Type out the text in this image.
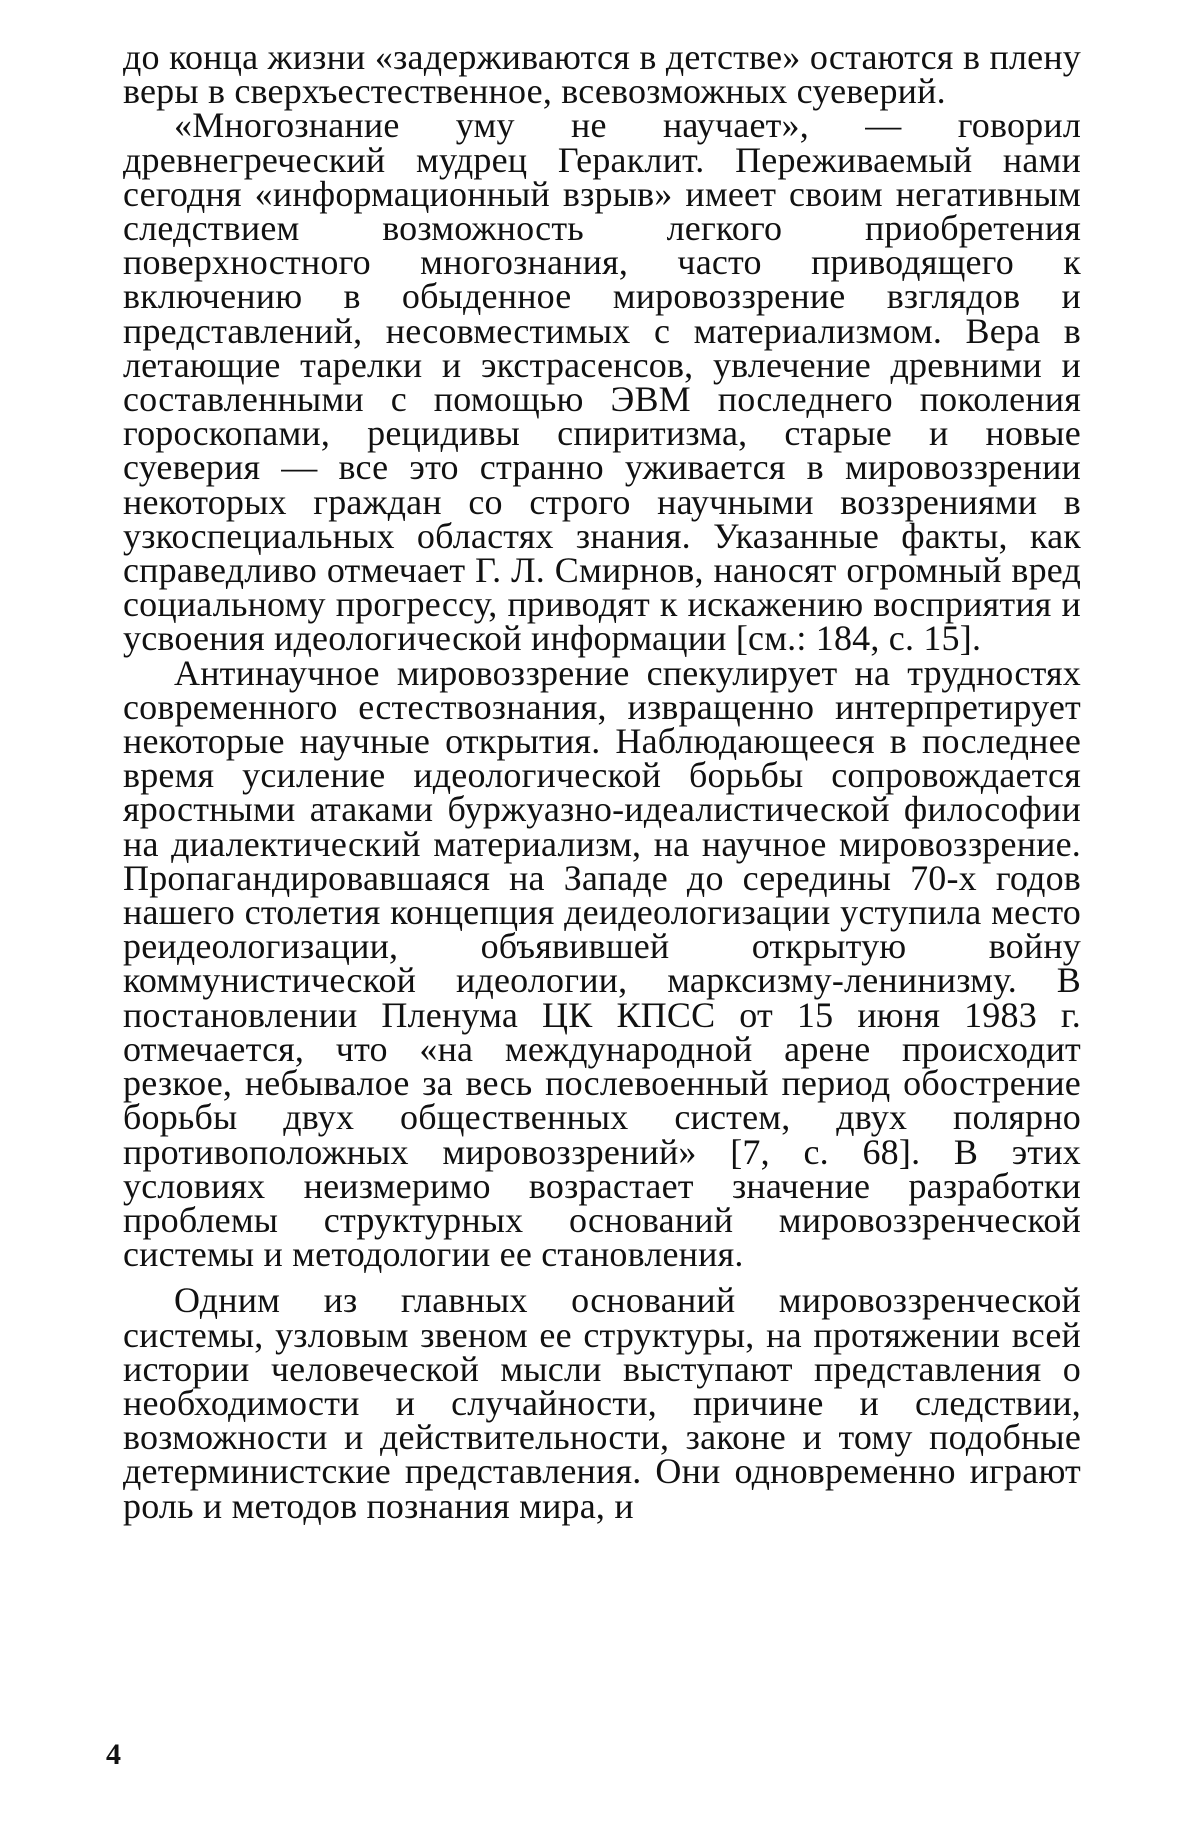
до конца жизни «задерживаются в детстве» остаются в плену веры в сверхъестественное, всевозможных суеверий.

«Многознание уму не научает», — говорил древнегреческий мудрец Гераклит. Переживаемый нами сегодня «информационный взрыв» имеет своим негативным следствием возможность легкого приобретения поверхностного многознания, часто приводящего к включению в обыденное мировоззрение взглядов и представлений, несовместимых с материализмом. Вера в летающие тарелки и экстрасенсов, увлечение древними и составленными с помощью ЭВМ последнего поколения гороскопами, рецидивы спиритизма, старые и новые суеверия — все это странно уживается в мировоззрении некоторых граждан со строго научными воззрениями в узкоспециальных областях знания. Указанные факты, как справедливо отмечает Г. Л. Смирнов, наносят огромный вред социальному прогрессу, приводят к искажению восприятия и усвоения идеологической информации [см.: 184, с. 15].

Антинаучное мировоззрение спекулирует на трудностях современного естествознания, извращенно интерпретирует некоторые научные открытия. Наблюдающееся в последнее время усиление идеологической борьбы сопровождается яростными атаками буржуазно-идеалистической философии на диалектический материализм, на научное мировоззрение. Пропагандировавшаяся на Западе до середины 70-х годов нашего столетия концепция деидеологизации уступила место реидеологизации, объявившей открытую войну коммунистической идеологии, марксизму-ленинизму. В постановлении Пленума ЦК КПСС от 15 июня 1983 г. отмечается, что «на международной арене происходит резкое, небывалое за весь послевоенный период обострение борьбы двух общественных систем, двух полярно противоположных мировоззрений» [7, с. 68]. В этих условиях неизмеримо возрастает значение разработки проблемы структурных оснований мировоззренческой системы и методологии ее становления.

Одним из главных оснований мировоззренческой системы, узловым звеном ее структуры, на протяжении всей истории человеческой мысли выступают представления о необходимости и случайности, причине и следствии, возможности и действительности, законе и тому подобные детерминистские представления. Они одновременно играют роль и методов познания мира, и

4
